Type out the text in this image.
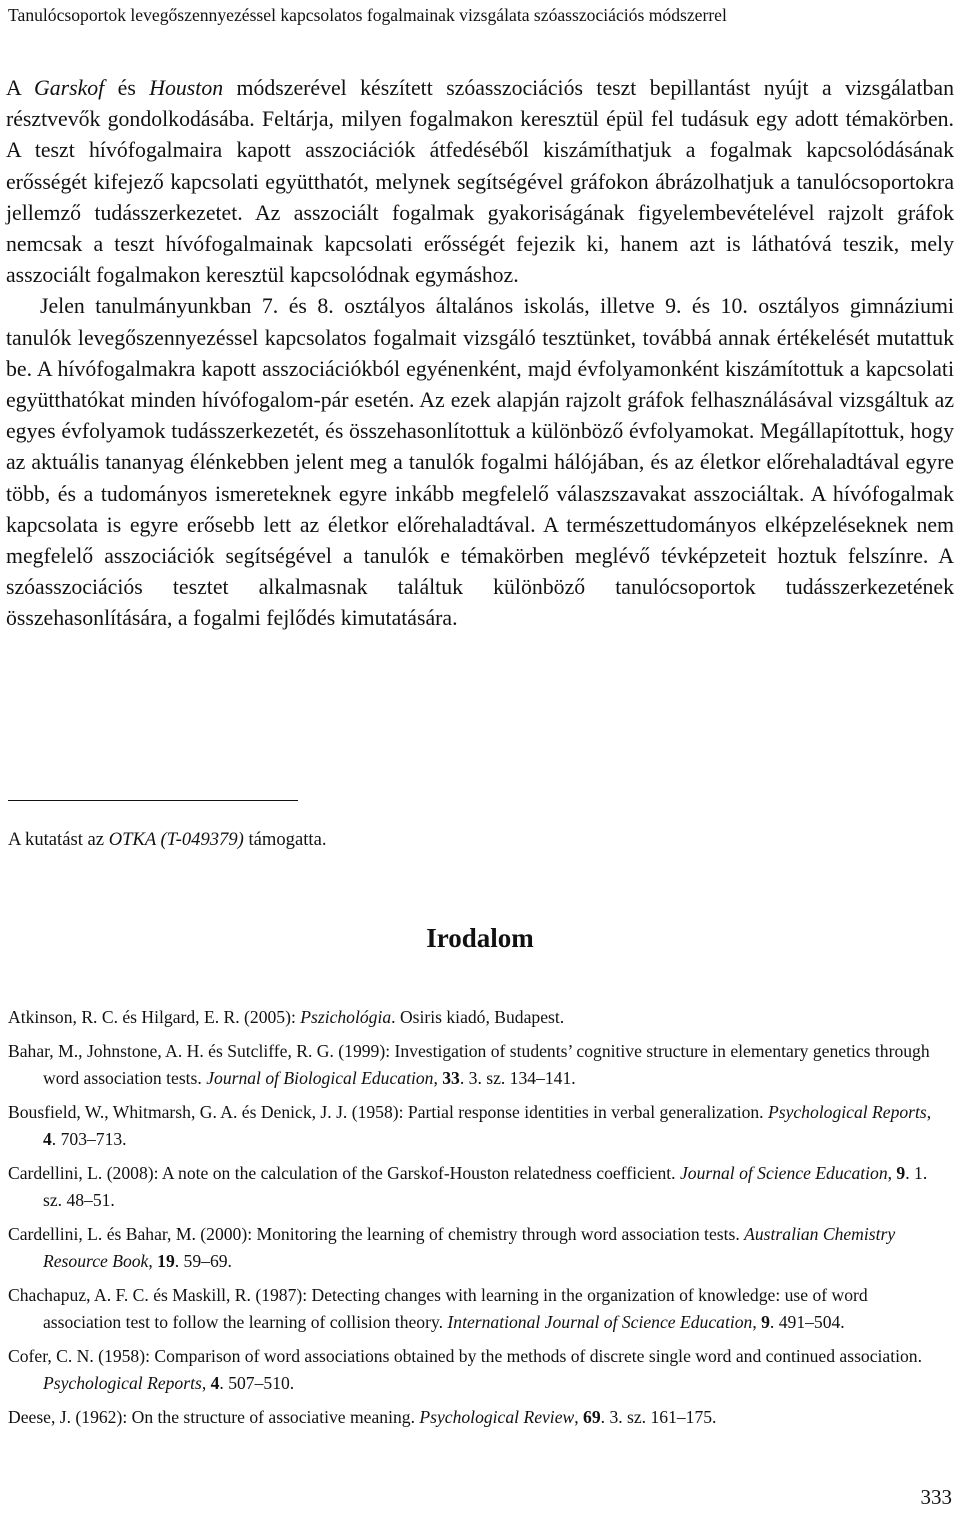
Tanulócsoportok levegőszennyezéssel kapcsolatos fogalmainak vizsgálata szóasszociációs módszerrel

A Garskof és Houston módszerével készített szóasszociációs teszt bepillantást nyújt a vizsgálatban résztvevők gondolkodásába. Feltárja, milyen fogalmakon keresztül épül fel tudásuk egy adott témakörben. A teszt hívófogalmaira kapott asszociációk átfedéséből kiszámíthatjuk a fogalmak kapcsolódásának erősségét kifejező kapcsolati együtthatót, melynek segítségével gráfokon ábrázolhatjuk a tanulócsoportokra jellemző tudásszerkezetet. Az asszociált fogalmak gyakoriságának figyelembevételével rajzolt gráfok nemcsak a teszt hívófogalmainak kapcsolati erősségét fejezik ki, hanem azt is láthatóvá teszik, mely asszociált fogalmakon keresztül kapcsolódnak egymáshoz.

Jelen tanulmányunkban 7. és 8. osztályos általános iskolás, illetve 9. és 10. osztályos gimnáziumi tanulók levegőszennyezéssel kapcsolatos fogalmait vizsgáló tesztünket, továbbá annak értékelését mutattuk be. A hívófogalmakra kapott asszociációkból egyénenként, majd évfolyamonként kiszámítottuk a kapcsolati együtthatókat minden hívófogalom-pár esetén. Az ezek alapján rajzolt gráfok felhasználásával vizsgáltuk az egyes évfolyamok tudásszerkezetét, és összehasonlítottuk a különböző évfolyamokat. Megállapítottuk, hogy az aktuális tananyag élénkebben jelent meg a tanulók fogalmi hálójában, és az életkor előrehaladtával egyre több, és a tudományos ismereteknek egyre inkább megfelelő válaszszavakat asszociáltak. A hívófogalmak kapcsolata is egyre erősebb lett az életkor előrehaladtával. A természettudományos elképzeléseknek nem megfelelő asszociációk segítségével a tanulók e témakörben meglévő tévképzeteit hoztuk felszínre. A szóasszociációs tesztet alkalmasnak találtuk különböző tanulócsoportok tudásszerkezetének összehasonlítására, a fogalmi fejlődés kimutatására.

A kutatást az OTKA (T-049379) támogatta.
Irodalom
Atkinson, R. C. és Hilgard, E. R. (2005): Pszichológia. Osiris kiadó, Budapest.
Bahar, M., Johnstone, A. H. és Sutcliffe, R. G. (1999): Investigation of students’ cognitive structure in elementary genetics through word association tests. Journal of Biological Education, 33. 3. sz. 134–141.
Bousfield, W., Whitmarsh, G. A. és Denick, J. J. (1958): Partial response identities in verbal generalization. Psychological Reports, 4. 703–713.
Cardellini, L. (2008): A note on the calculation of the Garskof-Houston relatedness coefficient. Journal of Science Education, 9. 1. sz. 48–51.
Cardellini, L. és Bahar, M. (2000): Monitoring the learning of chemistry through word association tests. Australian Chemistry Resource Book, 19. 59–69.
Chachapuz, A. F. C. és Maskill, R. (1987): Detecting changes with learning in the organization of knowledge: use of word association test to follow the learning of collision theory. International Journal of Science Education, 9. 491–504.
Cofer, C. N. (1958): Comparison of word associations obtained by the methods of discrete single word and continued association. Psychological Reports, 4. 507–510.
Deese, J. (1962): On the structure of associative meaning. Psychological Review, 69. 3. sz. 161–175.
333
